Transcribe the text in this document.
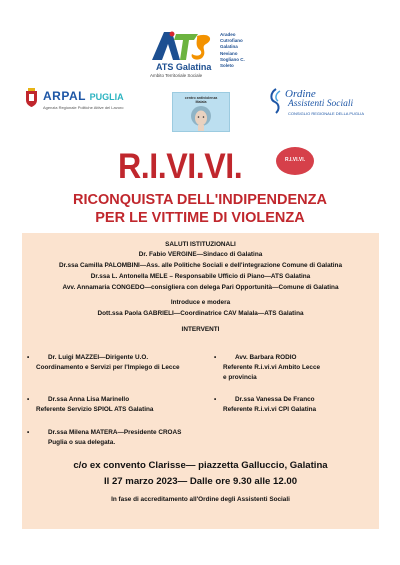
ATS Galatina
Ambito Territoriale Sociale
Aradeo
Cutrofiano
Galatina
Neviano
Sogliano C.
Soleto
ARPAL PUGLIA
Agenzia Regionale Politiche Attive del Lavoro
centro antiviolenza
Malala
Ordine
Assistenti Sociali
CONSIGLIO REGIONALE DELLA PUGLIA
R.I.VI.VI.	R.I.VI.VI.
RICONQUISTA DELL'INDIPENDENZA
PER LE VITTIME DI VIOLENZA
SALUTI ISTITUZIONALI
Dr. Fabio VERGINE—Sindaco di Galatina
Dr.ssa Camilla PALOMBINI—Ass. alle Politiche Sociali e dell'integrazione Comune di Galatina
Dr.ssa L. Antonella MELE – Responsabile Ufficio di Piano—ATS Galatina
Avv. Annamaria CONGEDO—consigliera con delega Pari Opportunità—Comune di Galatina
Introduce e modera
Dott.ssa Paola GABRIELI—Coordinatrice CAV Malala—ATS Galatina
INTERVENTI
•	Dr. Luigi MAZZEI—Dirigente U.O.
Coordinamento e Servizi per l'Impiego di Lecce
•	Dr.ssa Anna Lisa Marinello
Referente Servizio SPIOL ATS Galatina
•	Dr.ssa Milena MATERA—Presidente CROAS
Puglia o sua delegata.
•	Avv. Barbara RODIO
Referente R.i.vi.vi Ambito Lecce
e provincia
•	Dr.ssa Vanessa De Franco
Referente R.i.vi.vi CPI Galatina
c/o ex convento Clarisse— piazzetta Galluccio, Galatina
Il 27 marzo 2023— Dalle ore 9.30 alle 12.00
In fase di accreditamento all'Ordine degli Assistenti Sociali
